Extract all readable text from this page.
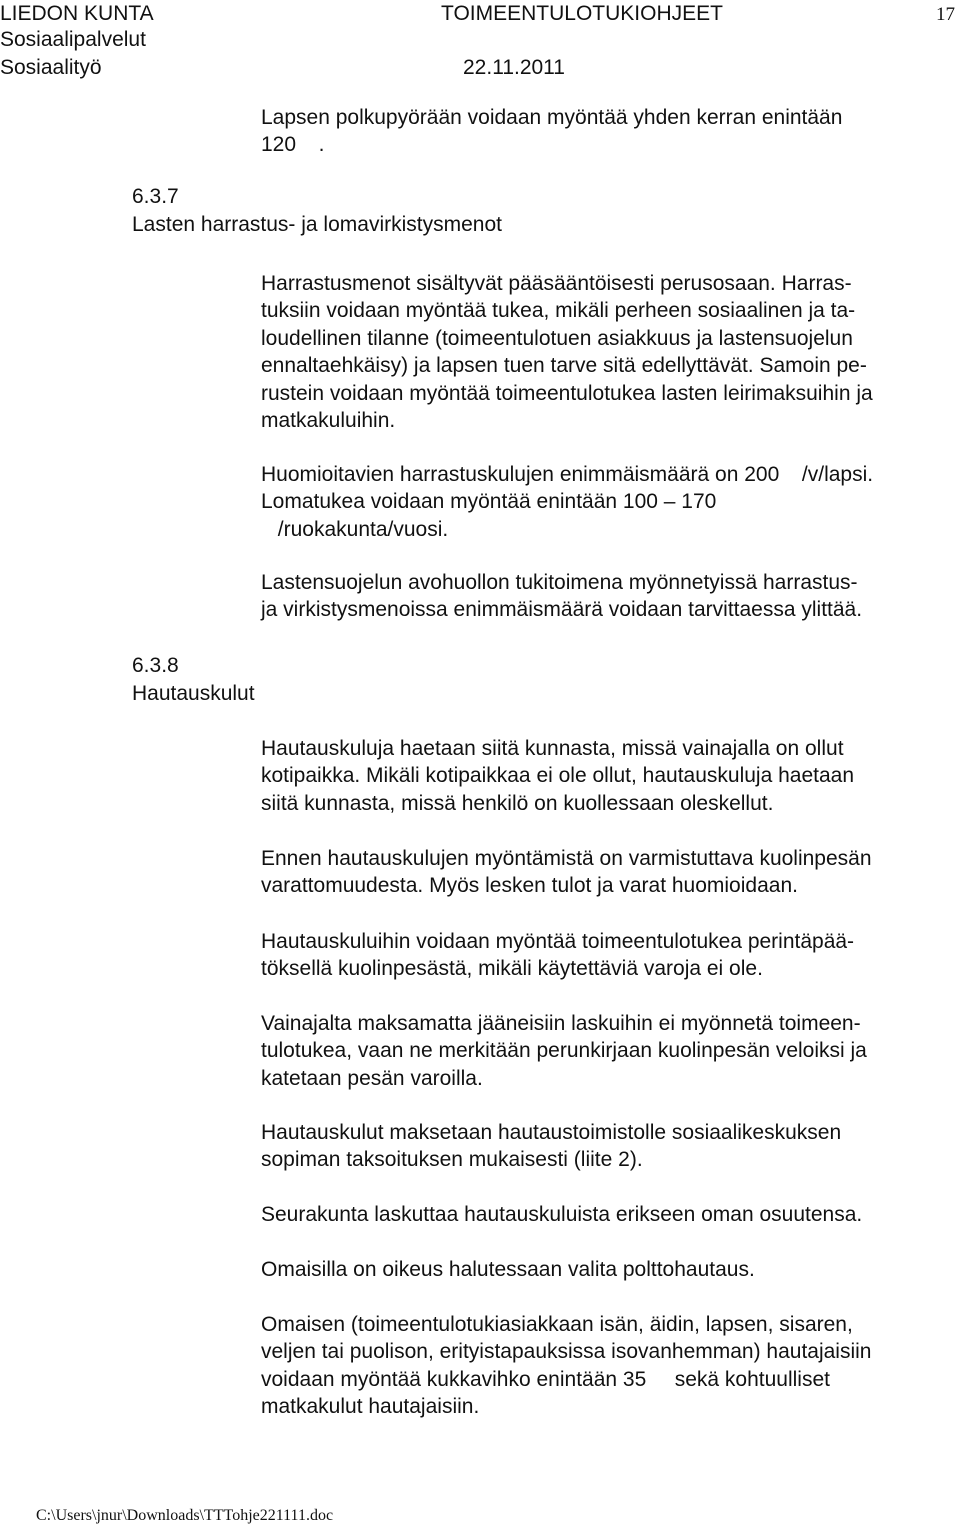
LIEDON KUNTA
Sosiaalipalvelut
Sosiaalityö
TOIMEENTULOTUKIOHJEET
22.11.2011
17
6.3.7
Lasten harrastus- ja lomavirkistysmenot
6.3.8
Hautauskulut
Lapsen polkupyörään voidaan myöntää yhden kerran enintään
120 .
Harrastusmenot sisältyvät pääsääntöisesti perusosaan. Harras-
tuksiin voidaan myöntää tukea, mikäli perheen sosiaalinen ja ta-
loudellinen tilanne (toimeentulotuen asiakkuus ja lastensuojelun
ennaltaehkäisy) ja lapsen tuen tarve sitä edellyttävät. Samoin pe-
rustein voidaan myöntää toimeentulotukea lasten leirimaksuihin ja
matkakuluihin.
Huomioitavien harrastuskulujen enimmäismäärä on 200 /v/lapsi.
Lomatukea voidaan myöntää enintään 100 – 170
/ruokakunta/vuosi.
Lastensuojelun avohuollon tukitoimena myönnetyissä harrastus-
ja virkistysmenoissa enimmäismäärä voidaan tarvittaessa ylittää.
Hautauskuluja haetaan siitä kunnasta, missä vainajalla on ollut
kotipaikka. Mikäli kotipaikkaa ei ole ollut, hautauskuluja haetaan
siitä kunnasta, missä henkilö on kuollessaan oleskellut.
Ennen hautauskulujen myöntämistä on varmistuttava kuolinpesän
varattomuudesta. Myös lesken tulot ja varat huomioidaan.
Hautauskuluihin voidaan myöntää toimeentulotukea perintäpää-
töksellä kuolinpesästä, mikäli käytettäviä varoja ei ole.
Vainajalta maksamatta jääneisiin laskuihin ei myönnetä toimeen-
tulotukea, vaan ne merkitään perunkirjaan kuolinpesän veloiksi ja
katetaan pesän varoilla.
Hautauskulut maksetaan hautaustoimistolle sosiaalikeskuksen
sopiman taksoituksen mukaisesti (liite 2).
Seurakunta laskuttaa hautauskuluista erikseen oman osuutensa.
Omaisilla on oikeus halutessaan valita polttohautaus.
Omaisen (toimeentulotukiasiakkaan isän, äidin, lapsen, sisaren,
veljen tai puolison, erityistapauksissa isovanhemman) hautajaisiin
voidaan myöntää kukkavihko enintään 35  sekä kohtuulliset
matkakulut hautajaisiin.
C:\Users\jnur\Downloads\TTTohje221111.doc
